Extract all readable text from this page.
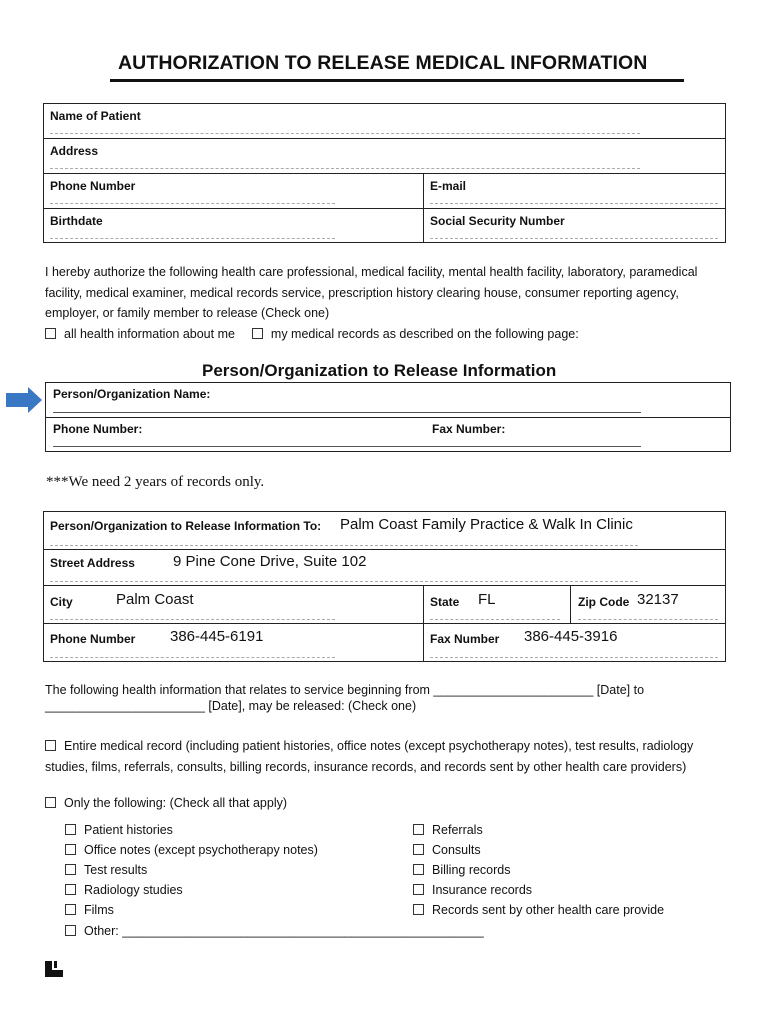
AUTHORIZATION TO RELEASE MEDICAL INFORMATION
Name of Patient
Address
Phone Number	E-mail
Birthdate	Social Security Number
I hereby authorize the following health care professional, medical facility, mental health facility, laboratory, paramedical
facility, medical examiner, medical records service, prescription history clearing house, consumer reporting agency,
employer, or family member to release (Check one)
all health information about me	my medical records as described on the following page:
Person/Organization to Release Information
Person/Organization Name:
Phone Number:	Fax Number:
***We need 2 years of records only.
Person/Organization to Release Information To: Palm Coast Family Practice & Walk In Clinic
Street Address	9 Pine Cone Drive, Suite 102
City	Palm Coast	State FL	Zip Code 32137
Phone Number 386-445-6191	Fax Number 386-445-3916
The following health information that relates to service beginning from _______________________ [Date] to
_______________________ [Date], may be released: (Check one)
Entire medical record (including patient histories, office notes (except psychotherapy notes), test results, radiology
studies, films, referrals, consults, billing records, insurance records, and records sent by other health care providers)
Only the following: (Check all that apply)
Patient histories
Office notes (except psychotherapy notes)
Test results
Radiology studies
Films
Other: ____________________________________________________
Referrals
Consults
Billing records
Insurance records
Records sent by other health care provide
